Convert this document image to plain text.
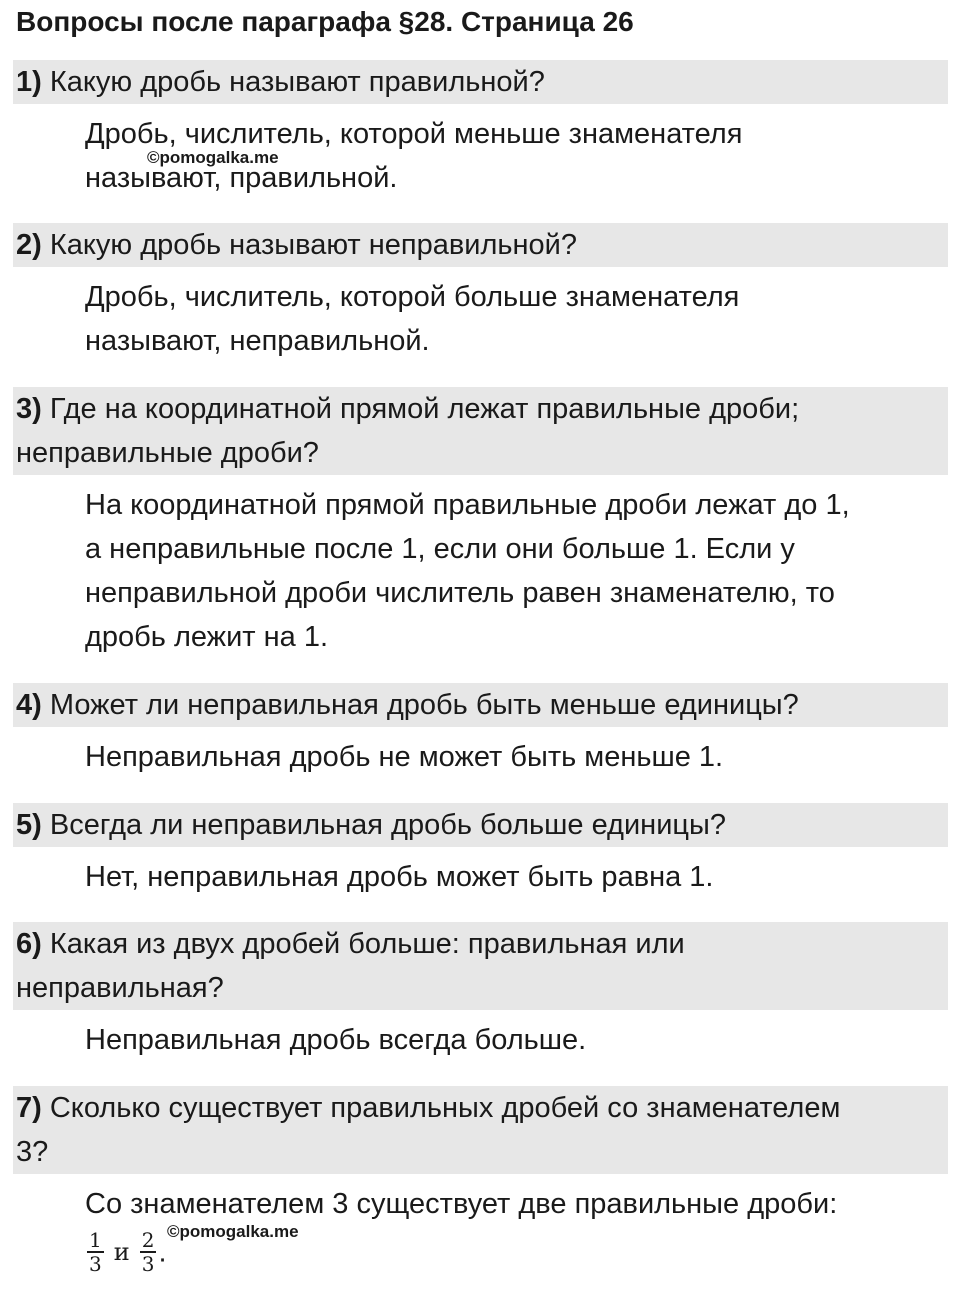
Вопросы после параграфа §28. Страница 26
1) Какую дробь называют правильной?
Дробь, числитель, которой меньше знаменателя
называют, правильной.
©pomogalka.me
2) Какую дробь называют неправильной?
Дробь, числитель, которой больше знаменателя
называют, неправильной.
3) Где на координатной прямой лежат правильные дроби;
неправильные дроби?
На координатной прямой правильные дроби лежат до 1,
а неправильные после 1, если они больше 1. Если у
неправильной дроби числитель равен знаменателю, то
дробь лежит на 1.
4) Может ли неправильная дробь быть меньше единицы?
Неправильная дробь не может быть меньше 1.
5) Всегда ли неправильная дробь больше единицы?
Нет, неправильная дробь может быть равна 1.
6) Какая из двух дробей больше: правильная или
неправильная?
Неправильная дробь всегда больше.
7) Сколько существует правильных дробей со знаменателем
3?
Со знаменателем 3 существует две правильные дроби:
$\frac{1}{3}$ и $\frac{2}{3}$ .
©pomogalka.me
